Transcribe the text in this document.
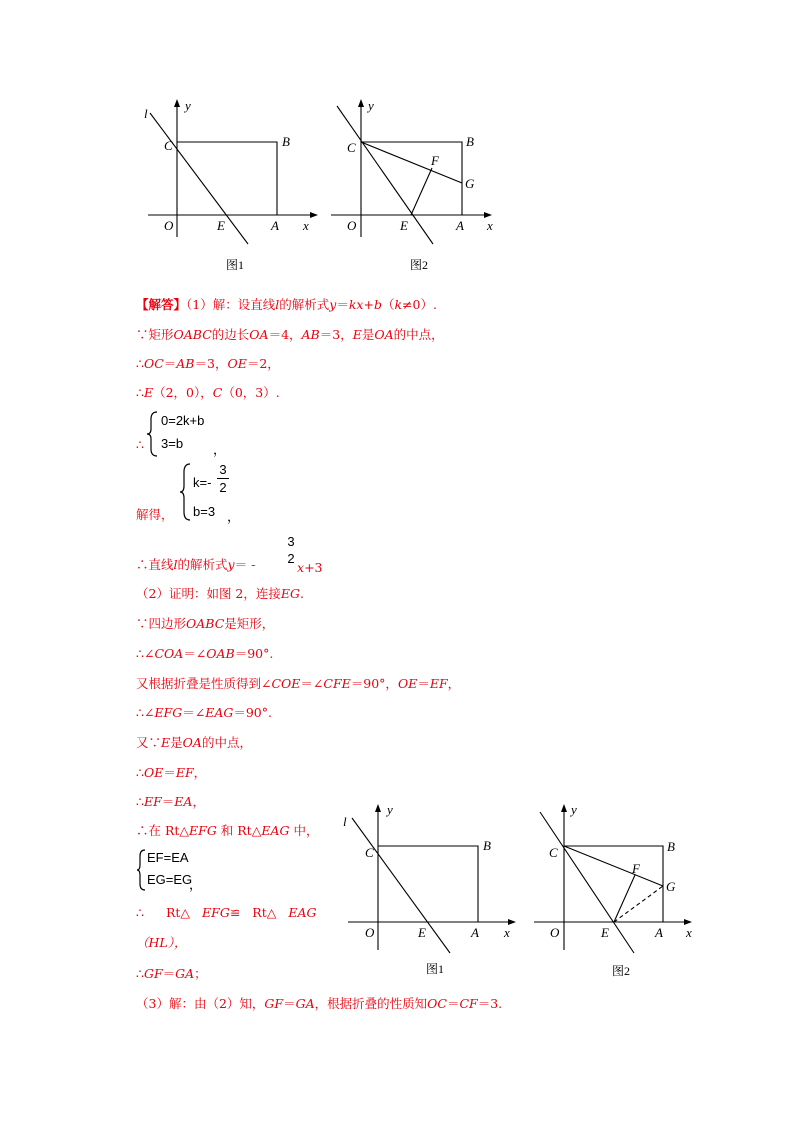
l
y
x
O
C	B
E	A
图1
y
x
O
C	B
F
G
E	A
图2
【解答】（1）解：设直线l的解析式y＝kx+b（k≠0）.
∵矩形OABC的边长OA＝4，AB＝3，E是OA的中点，
∴OC＝AB＝3，OE＝2，
∴E（2，0），C（0，3）.
∴
0=2k+b
3=b ，
解得，
k=-
3
2
b=3 ，
∴直线l的解析式y＝ -
3
2
x+3
（2）证明：如图 2，连接EG.
∵四边形OABC是矩形，
∴∠COA＝∠OAB＝90°.
又根据折叠是性质得到∠COE＝∠CFE＝90°，OE＝EF，
∴∠EFG＝∠EAG＝90°.
又∵E是OA的中点，
∴OE＝EF，
∴EF＝EA，
∴在 Rt△EFG 和 Rt△EAG 中，
EF=EA
EG=EG
，
∴ Rt△ EFG≌ Rt△ EAG
（HL），
∴GF＝GA；
（3）解：由（2）知，GF＝GA，根据折叠的性质知OC＝CF＝3.
l
y
x
O
C	B
E	A
图1
y
x
O
C	B
F
G
E	A
图2
